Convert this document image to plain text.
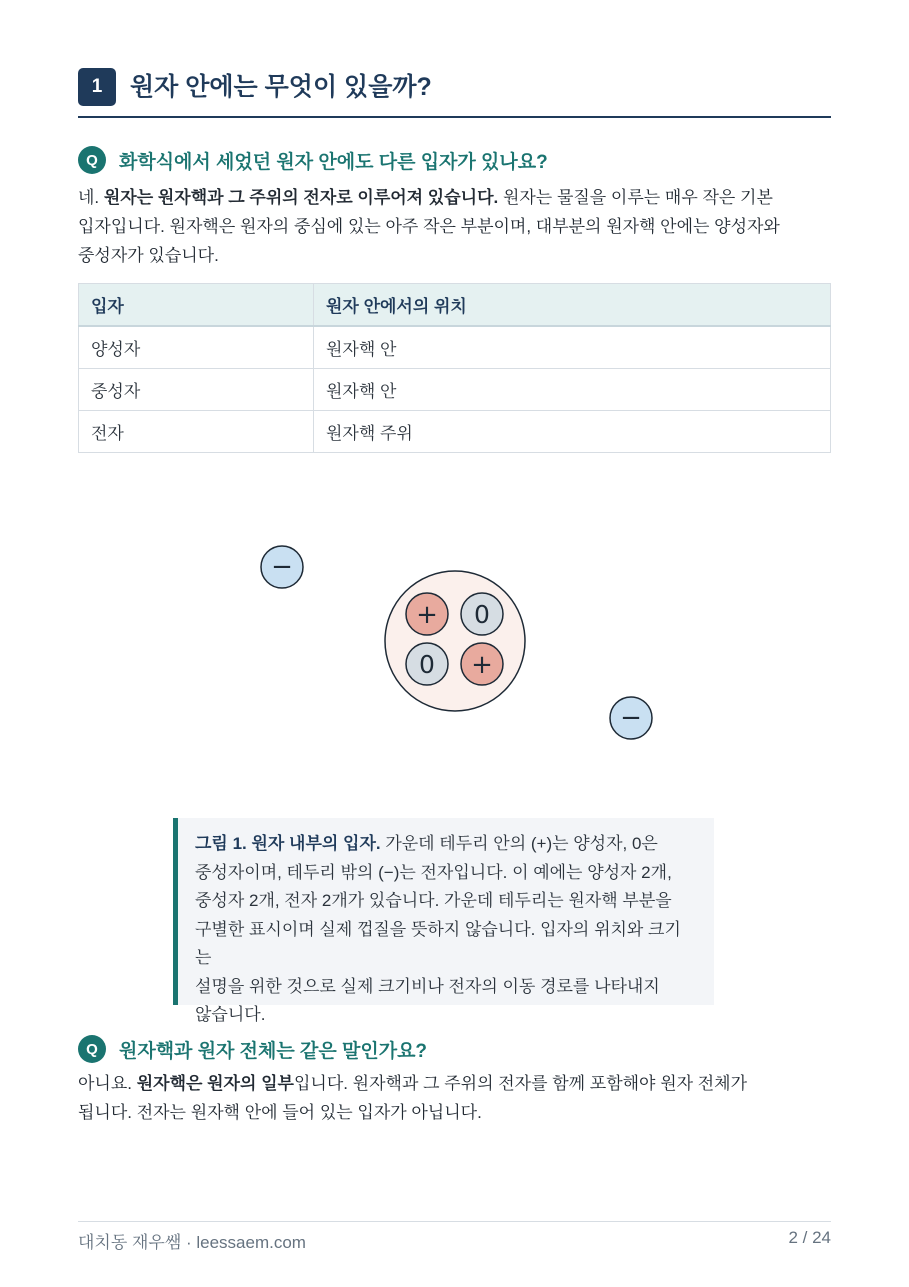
1	원자 안에는 무엇이 있을까?
Q	화학식에서 세었던 원자 안에도 다른 입자가 있나요?
네. 원자는 원자핵과 그 주위의 전자로 이루어져 있습니다. 원자는 물질을 이루는 매우 작은 기본
입자입니다. 원자핵은 원자의 중심에 있는 아주 작은 부분이며, 대부분의 원자핵 안에는 양성자와
중성자가 있습니다.
입자	원자 안에서의 위치
양성자	원자핵 안
중성자	원자핵 안
전자	원자핵 주위
+ 0
0 +
−
−
그림 1. 원자 내부의 입자. 가운데 테두리 안의 (+)는 양성자, 0은
중성자이며, 테두리 밖의 (−)는 전자입니다. 이 예에는 양성자 2개,
중성자 2개, 전자 2개가 있습니다. 가운데 테두리는 원자핵 부분을
구별한 표시이며 실제 껍질을 뜻하지 않습니다. 입자의 위치와 크기는
설명을 위한 것으로 실제 크기비나 전자의 이동 경로를 나타내지
않습니다.
Q	원자핵과 원자 전체는 같은 말인가요?
아니요. 원자핵은 원자의 일부입니다. 원자핵과 그 주위의 전자를 함께 포함해야 원자 전체가
됩니다. 전자는 원자핵 안에 들어 있는 입자가 아닙니다.
대치동 재우쌤 · leessaem.com	2 / 24
